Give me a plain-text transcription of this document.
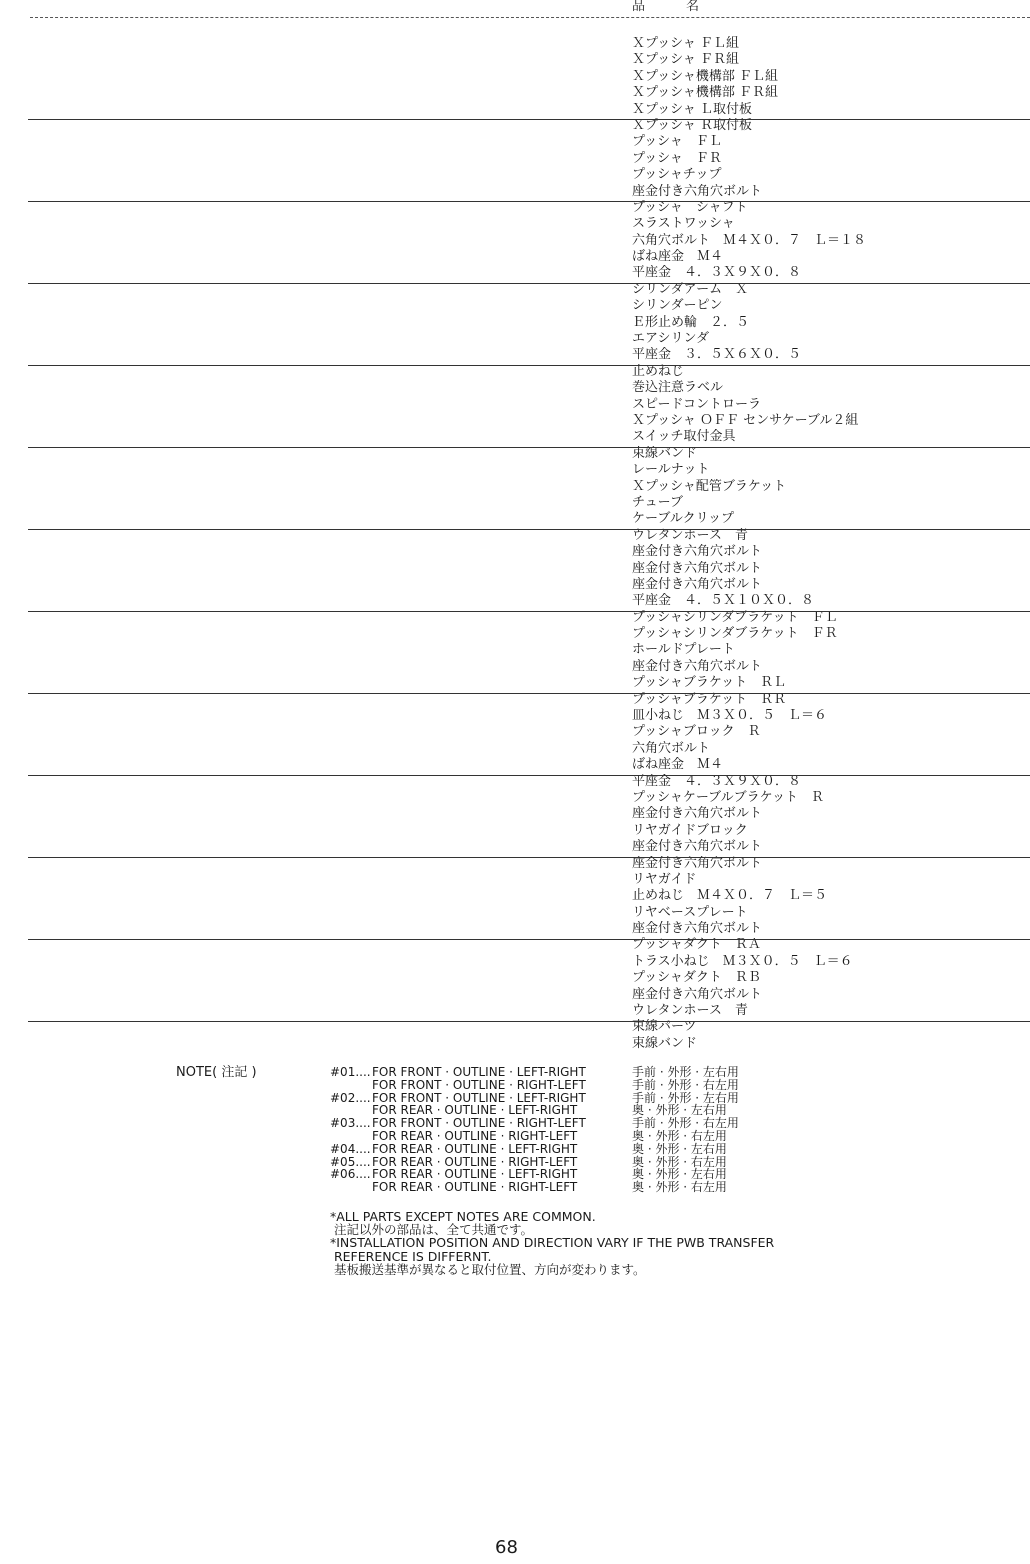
品　名
Ｘプッシャ ＦＬ組
Ｘプッシャ ＦＲ組
Ｘプッシャ機構部 ＦＬ組
Ｘプッシャ機構部 ＦＲ組
Ｘプッシャ Ｌ取付板
Ｘプッシャ Ｒ取付板
プッシャ　ＦＬ
プッシャ　ＦＲ
プッシャチップ
座金付き六角穴ボルト
プッシャ　シャフト
スラストワッシャ
六角穴ボルト　Ｍ４Ｘ０．７　Ｌ＝１８
ばね座金　Ｍ４
平座金　４．３Ｘ９Ｘ０．８
シリンダアーム　Ｘ
シリンダーピン
Ｅ形止め輪　２．５
エアシリンダ
平座金　３．５Ｘ６Ｘ０．５
止めねじ
巻込注意ラベル
スピードコントローラ
Ｘプッシャ ＯＦＦ センサケーブル２組
スイッチ取付金具
束線バンド
レールナット
Ｘプッシャ配管ブラケット
チューブ
ケーブルクリップ
ウレタンホース　青
座金付き六角穴ボルト
座金付き六角穴ボルト
座金付き六角穴ボルト
平座金　４．５Ｘ１０Ｘ０．８
プッシャシリンダブラケット　ＦＬ
プッシャシリンダブラケット　ＦＲ
ホールドプレート
座金付き六角穴ボルト
プッシャブラケット　ＲＬ
プッシャブラケット　ＲＲ
皿小ねじ　Ｍ３Ｘ０．５　Ｌ＝６
プッシャブロック　Ｒ
六角穴ボルト
ばね座金　Ｍ４
平座金　４．３Ｘ９Ｘ０．８
プッシャケーブルブラケット　Ｒ
座金付き六角穴ボルト
リヤガイドブロック
座金付き六角穴ボルト
座金付き六角穴ボルト
リヤガイド
止めねじ　Ｍ４Ｘ０．７　Ｌ＝５
リヤベースプレート
座金付き六角穴ボルト
プッシャダクト　ＲＡ
トラス小ねじ　Ｍ３Ｘ０．５　Ｌ＝６
プッシャダクト　ＲＢ
座金付き六角穴ボルト
ウレタンホース　青
束線パーツ
束線バンド
NOTE( 注記 )	#01....FOR FRONT · OUTLINE · LEFT-RIGHT	手前 · 外形 · 左右用
FOR FRONT · OUTLINE · RIGHT-LEFT	手前 · 外形 · 右左用
#02....FOR FRONT · OUTLINE · LEFT-RIGHT	手前 · 外形 · 左右用
FOR REAR · OUTLINE · LEFT-RIGHT	奥 · 外形 · 左右用
#03....FOR FRONT · OUTLINE · RIGHT-LEFT	手前 · 外形 · 右左用
FOR REAR · OUTLINE · RIGHT-LEFT	奥 · 外形 · 右左用
#04....FOR REAR · OUTLINE · LEFT-RIGHT	奥 · 外形 · 左右用
#05....FOR REAR · OUTLINE · RIGHT-LEFT	奥 · 外形 · 右左用
#06....FOR REAR · OUTLINE · LEFT-RIGHT	奥 · 外形 · 左右用
FOR REAR · OUTLINE · RIGHT-LEFT	奥 · 外形 · 右左用
*ALL PARTS EXCEPT NOTES ARE COMMON.
注記以外の部品は、全て共通です。
*INSTALLATION POSITION AND DIRECTION VARY IF THE PWB TRANSFER
REFERENCE IS DIFFERNT.
基板搬送基準が異なると取付位置、方向が変わります。
68
